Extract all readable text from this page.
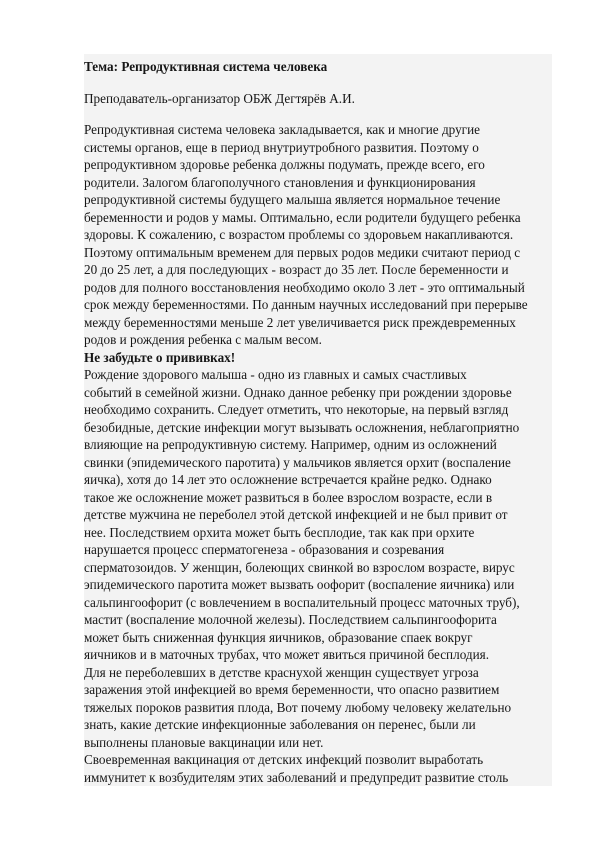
Тема: Репродуктивная система человека
Преподаватель-организатор ОБЖ Дегтярёв А.И.

Репродуктивная система человека закладывается, как и многие другие
системы органов, еще в период внутриутробного развития. Поэтому о
репродуктивном здоровье ребенка должны подумать, прежде всего, его
родители. Залогом благополучного становления и функционирования
репродуктивной системы будущего малыша является нормальное течение
беременности и родов у мамы. Оптимально, если родители будущего ребенка
здоровы. К сожалению, с возрастом проблемы со здоровьем накапливаются.
Поэтому оптимальным временем для первых родов медики считают период с
20 до 25 лет, а для последующих - возраст до 35 лет. После беременности и
родов для полного восстановления необходимо около 3 лет - это оптимальный
срок между беременностями. По данным научных исследований при перерыве
между беременностями меньше 2 лет увеличивается риск преждевременных
родов и рождения ребенка с малым весом.

Не забудьте о прививках!

Рождение здорового малыша - одно из главных и самых счастливых
событий в семейной жизни. Однако данное ребенку при рождении здоровье
необходимо сохранить. Следует отметить, что некоторые, на первый взгляд
безобидные, детские инфекции могут вызывать осложнения, неблагоприятно
влияющие на репродуктивную систему. Например, одним из осложнений
свинки (эпидемического паротита) у мальчиков является орхит (воспаление
яичка), хотя до 14 лет это осложнение встречается крайне редко. Однако
такое же осложнение может развиться в более взрослом возрасте, если в
детстве мужчина не переболел этой детской инфекцией и не был привит от
нее. Последствием орхита может быть бесплодие, так как при орхите
нарушается процесс сперматогенеза - образования и созревания
сперматозоидов. У женщин, болеющих свинкой во взрослом возрасте, вирус
эпидемического паротита может вызвать оофорит (воспаление яичника) или
сальпингоофорит (с вовлечением в воспалительный процесс маточных труб),
мастит (воспаление молочной железы). Последствием сальпингоофорита
может быть сниженная функция яичников, образование спаек вокруг
яичников и в маточных трубах, что может явиться причиной бесплодия.

Для не переболевших в детстве краснухой женщин существует угроза
заражения этой инфекцией во время беременности, что опасно развитием
тяжелых пороков развития плода, Вот почему любому человеку желательно
знать, какие детские инфекционные заболевания он перенес, были ли
выполнены плановые вакцинации или нет.

Своевременная вакцинация от детских инфекций позволит выработать
иммунитет к возбудителям этих заболеваний и предупредит развитие столь
